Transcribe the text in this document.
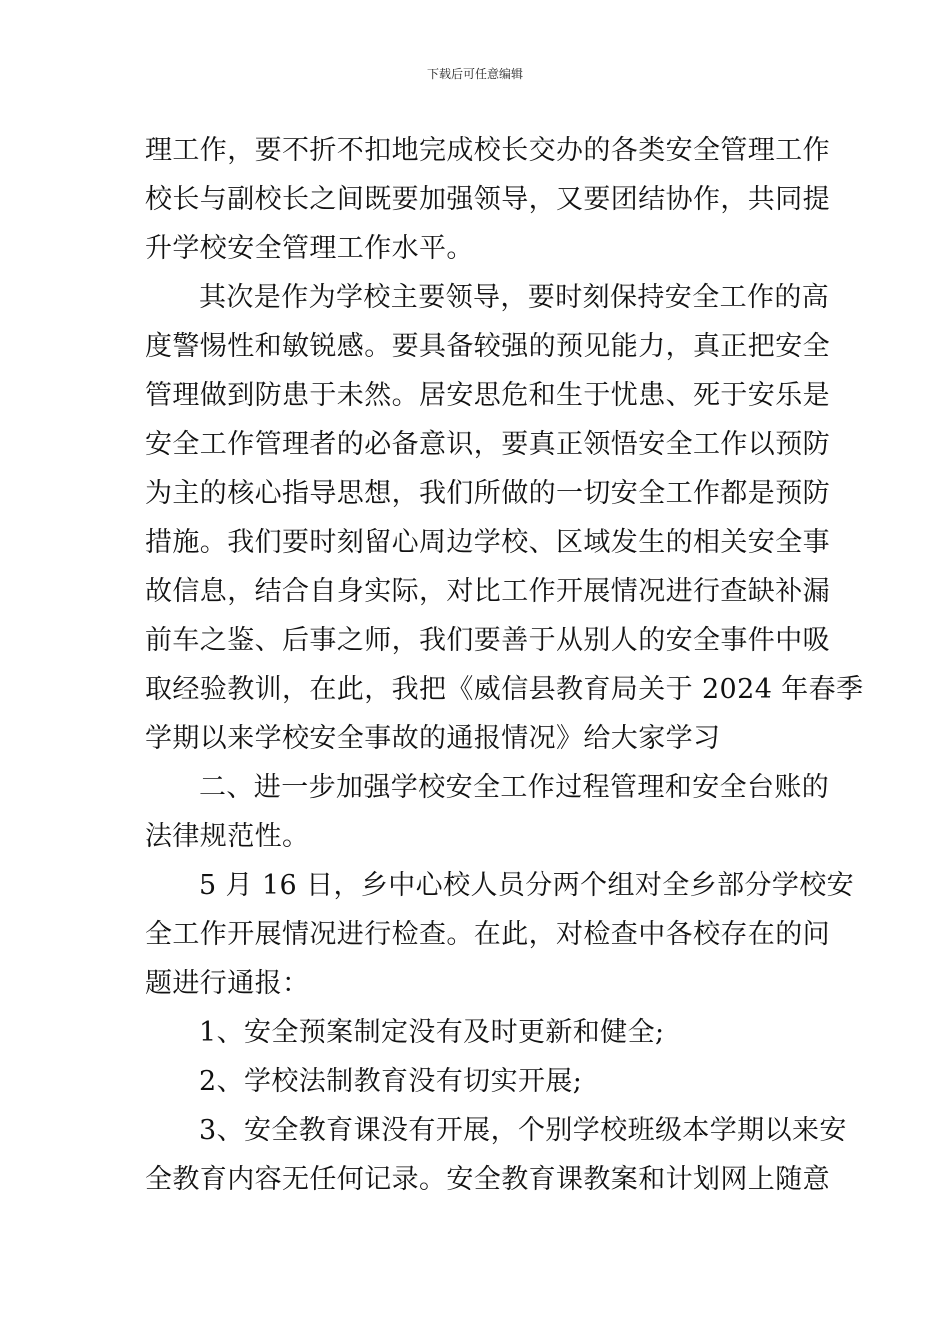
下载后可任意编辑
理工作，要不折不扣地完成校长交办的各类安全管理工作
校长与副校长之间既要加强领导，又要团结协作，共同提
升学校安全管理工作水平。
其次是作为学校主要领导，要时刻保持安全工作的高
度警惕性和敏锐感。要具备较强的预见能力，真正把安全
管理做到防患于未然。居安思危和生于忧患、死于安乐是
安全工作管理者的必备意识，要真正领悟安全工作以预防
为主的核心指导思想，我们所做的一切安全工作都是预防
措施。我们要时刻留心周边学校、区域发生的相关安全事
故信息，结合自身实际，对比工作开展情况进行查缺补漏
前车之鉴、后事之师，我们要善于从别人的安全事件中吸
取经验教训，在此，我把《威信县教育局关于 2024 年春季
学期以来学校安全事故的通报情况》给大家学习
二、进一步加强学校安全工作过程管理和安全台账的
法律规范性。
5 月 16 日，乡中心校人员分两个组对全乡部分学校安
全工作开展情况进行检查。在此，对检查中各校存在的问
题进行通报：
1、安全预案制定没有及时更新和健全;
2、学校法制教育没有切实开展;
3、安全教育课没有开展，个别学校班级本学期以来安
全教育内容无任何记录。安全教育课教案和计划网上随意
